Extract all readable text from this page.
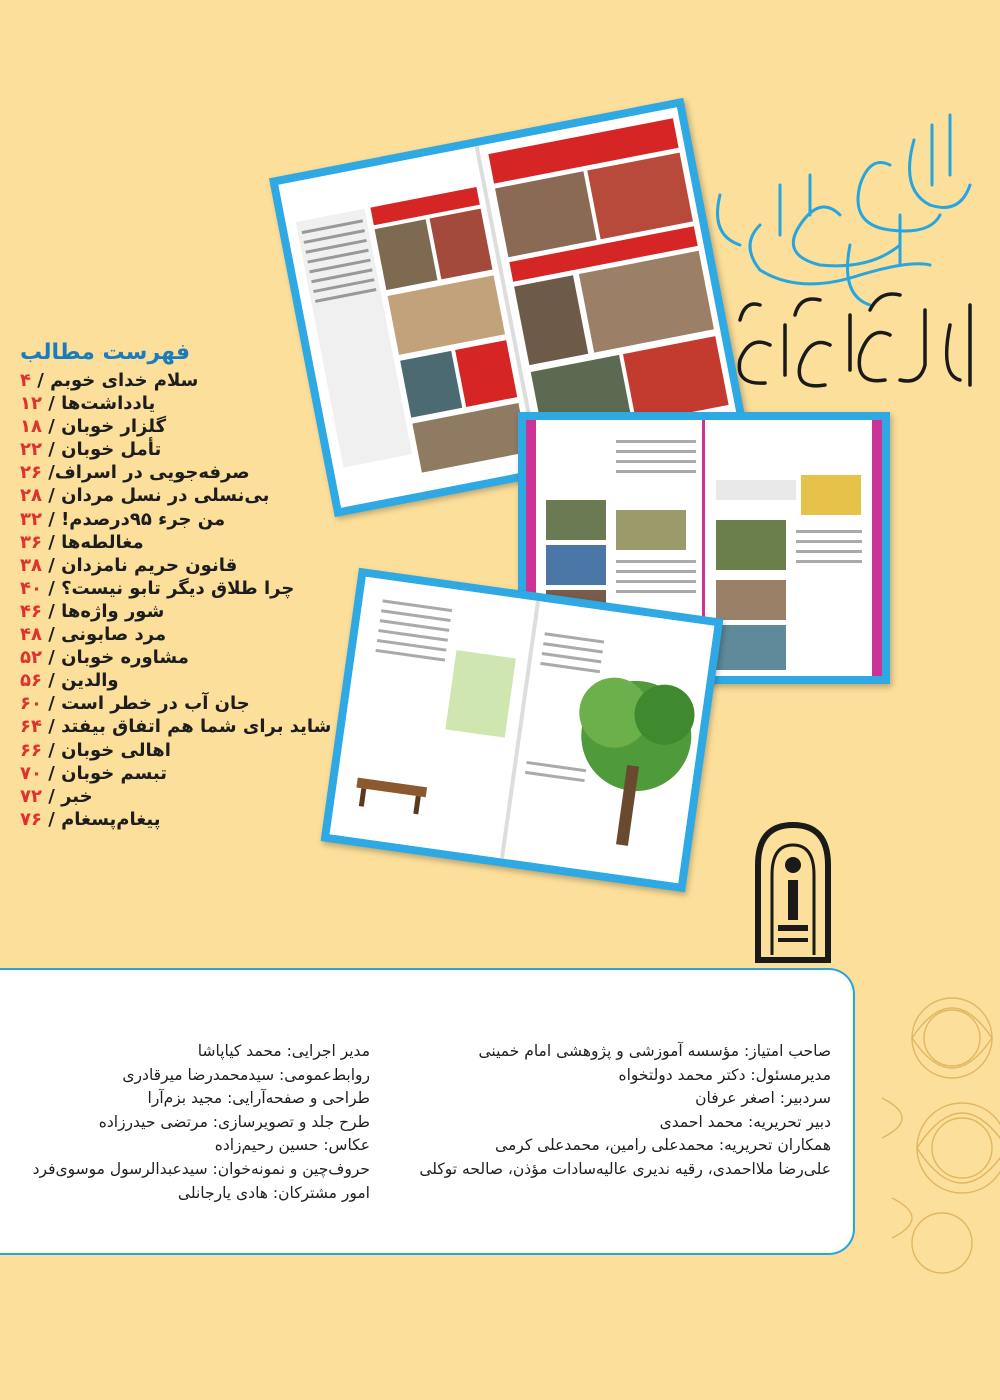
فهرست مطالب
سلام خدای خوبم / ۴
یادداشت‌ها / ۱۲
گلزار خوبان / ۱۸
تأمل خوبان / ۲۲
صرفه‌جویی در اسراف/ ۲۶
بی‌نسلی در نسل مردان / ۲۸
من جرء ۹۵درصدم! / ۳۲
مغالطه‌ها / ۳۶
قانون حریم نامزدان / ۳۸
چرا طلاق دیگر تابو نیست؟ / ۴۰
شور واژه‌ها / ۴۶
مرد صابونی / ۴۸
مشاوره خوبان / ۵۲
والدین / ۵۶
جان آب در خطر است / ۶۰
شاید برای شما هم اتفاق بیفتد / ۶۴
اهالی خوبان / ۶۶
تبسم خوبان / ۷۰
خبر / ۷۲
پیغام‌پسغام / ۷۶
صاحب امتیاز: مؤسسه آموزشی و پژوهشی امام خمینی
مدیرمسئول: دکتر محمد دولتخواه
سردبیر: اصغر عرفان
دبیر تحریریه: محمد احمدی
همکاران تحریریه: محمدعلی رامین، محمدعلی کرمی
علی‌رضا ملااحمدی، رقیه ندیری عالیه‌سادات مؤذن، صالحه توکلی
مدیر اجرایی: محمد کیاپاشا
روابط‌عمومی: سیدمحمدرضا میرقادری
طراحی و صفحه‌آرایی: مجید بزم‌آرا
طرح جلد و تصویرسازی: مرتضی حیدرزاده
عکاس: حسین رحیم‌زاده
حروف‌چین و نمونه‌خوان: سیدعبدالرسول موسوی‌فرد
امور مشترکان: هادی یارجانلی
